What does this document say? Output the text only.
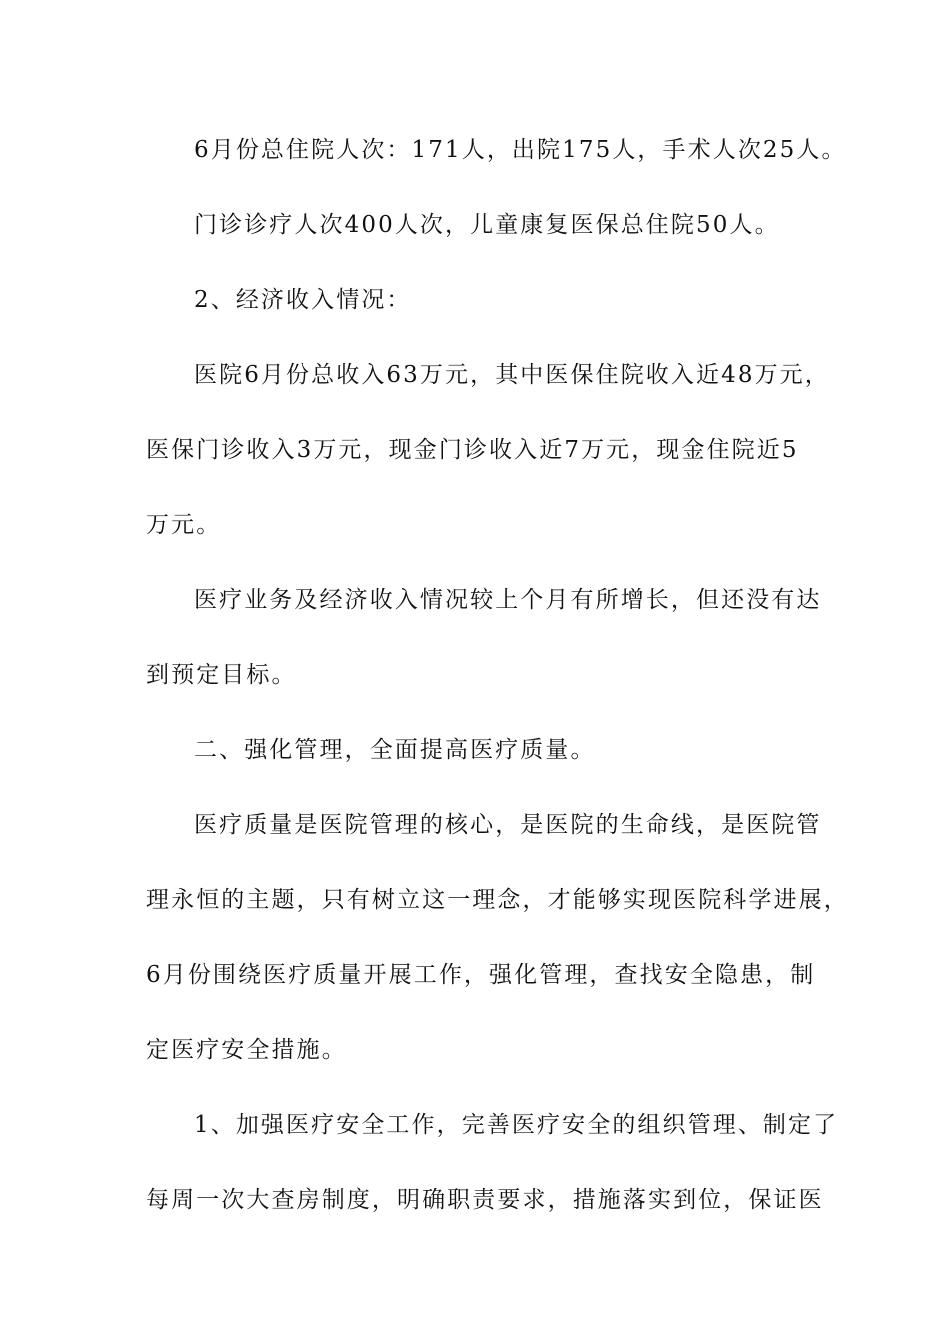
6月份总住院人次：171人，出院175人，手术人次25人。
门诊诊疗人次400人次，儿童康复医保总住院50人。
2、经济收入情况：
医院6月份总收入63万元，其中医保住院收入近48万元，
医保门诊收入3万元，现金门诊收入近7万元，现金住院近5
万元。
医疗业务及经济收入情况较上个月有所增长，但还没有达
到预定目标。
二、强化管理，全面提高医疗质量。
医疗质量是医院管理的核心，是医院的生命线，是医院管
理永恒的主题，只有树立这一理念，才能够实现医院科学进展，
6月份围绕医疗质量开展工作，强化管理，查找安全隐患，制
定医疗安全措施。
1、加强医疗安全工作，完善医疗安全的组织管理、制定了
每周一次大查房制度，明确职责要求，措施落实到位，保证医
